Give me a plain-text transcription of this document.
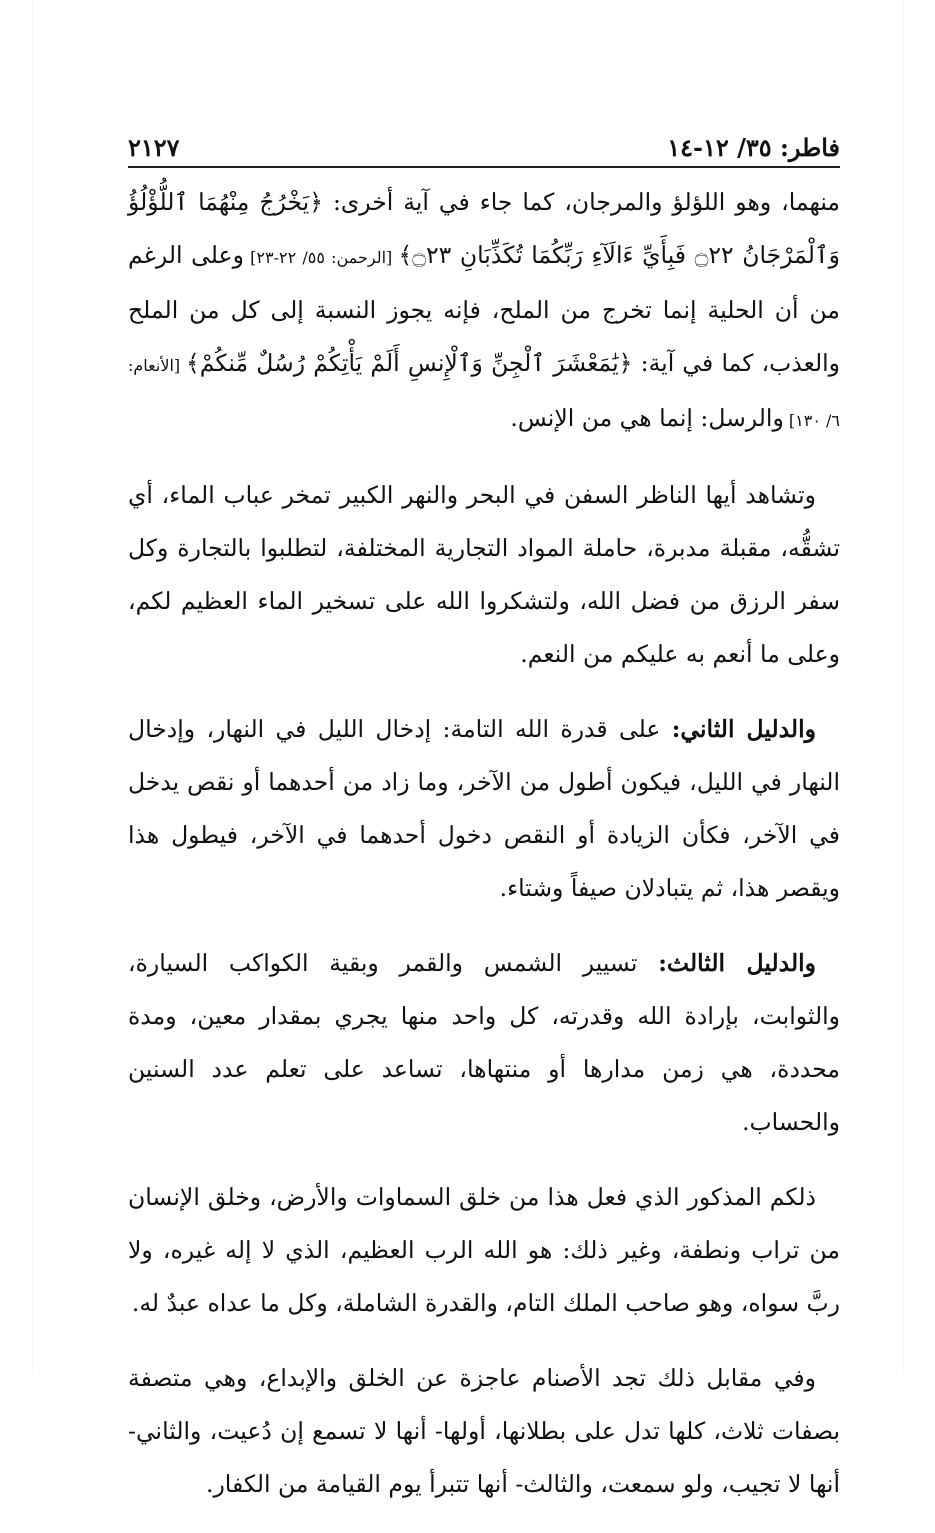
فاطر: ٣٥/ ١٢-١٤
٢١٢٧

منهما، وهو اللؤلؤ والمرجان، كما جاء في آية أخرى: ﴿يَخْرُجُ مِنْهُمَا ٱللُّؤْلُؤُ وَٱلْمَرْجَانُ ۝٢٢ فَبِأَيِّ ءَالَآءِ رَبِّكُمَا تُكَذِّبَانِ ۝٢٣﴾ [الرحمن: ٥٥/ ٢٢-٢٣] وعلى الرغم من أن الحلية إنما تخرج من الملح، فإنه يجوز النسبة إلى كل من الملح والعذب، كما في آية: ﴿يَٰمَعْشَرَ ٱلْجِنِّ وَٱلْإِنسِ أَلَمْ يَأْتِكُمْ رُسُلٌ مِّنكُمْ﴾ [الأنعام: ٦/ ١٣٠] والرسل: إنما هي من الإنس.

وتشاهد أيها الناظر السفن في البحر والنهر الكبير تمخر عباب الماء، أي تشقُّه، مقبلة مدبرة، حاملة المواد التجارية المختلفة، لتطلبوا بالتجارة وكل سفر الرزق من فضل الله، ولتشكروا الله على تسخير الماء العظيم لكم، وعلى ما أنعم به عليكم من النعم.

والدليل الثاني: على قدرة الله التامة: إدخال الليل في النهار، وإدخال النهار في الليل، فيكون أطول من الآخر، وما زاد من أحدهما أو نقص يدخل في الآخر، فكأن الزيادة أو النقص دخول أحدهما في الآخر، فيطول هذا ويقصر هذا، ثم يتبادلان صيفاً وشتاء.

والدليل الثالث: تسيير الشمس والقمر وبقية الكواكب السيارة، والثوابت، بإرادة الله وقدرته، كل واحد منها يجري بمقدار معين، ومدة محددة، هي زمن مدارها أو منتهاها، تساعد على تعلم عدد السنين والحساب.

ذلكم المذكور الذي فعل هذا من خلق السماوات والأرض، وخلق الإنسان من تراب ونطفة، وغير ذلك: هو الله الرب العظيم، الذي لا إله غيره، ولا ربَّ سواه، وهو صاحب الملك التام، والقدرة الشاملة، وكل ما عداه عبدٌ له.

وفي مقابل ذلك تجد الأصنام عاجزة عن الخلق والإبداع، وهي متصفة بصفات ثلاث، كلها تدل على بطلانها، أولها- أنها لا تسمع إن دُعيت، والثاني- أنها لا تجيب، ولو سمعت، والثالث- أنها تتبرأ يوم القيامة من الكفار.
